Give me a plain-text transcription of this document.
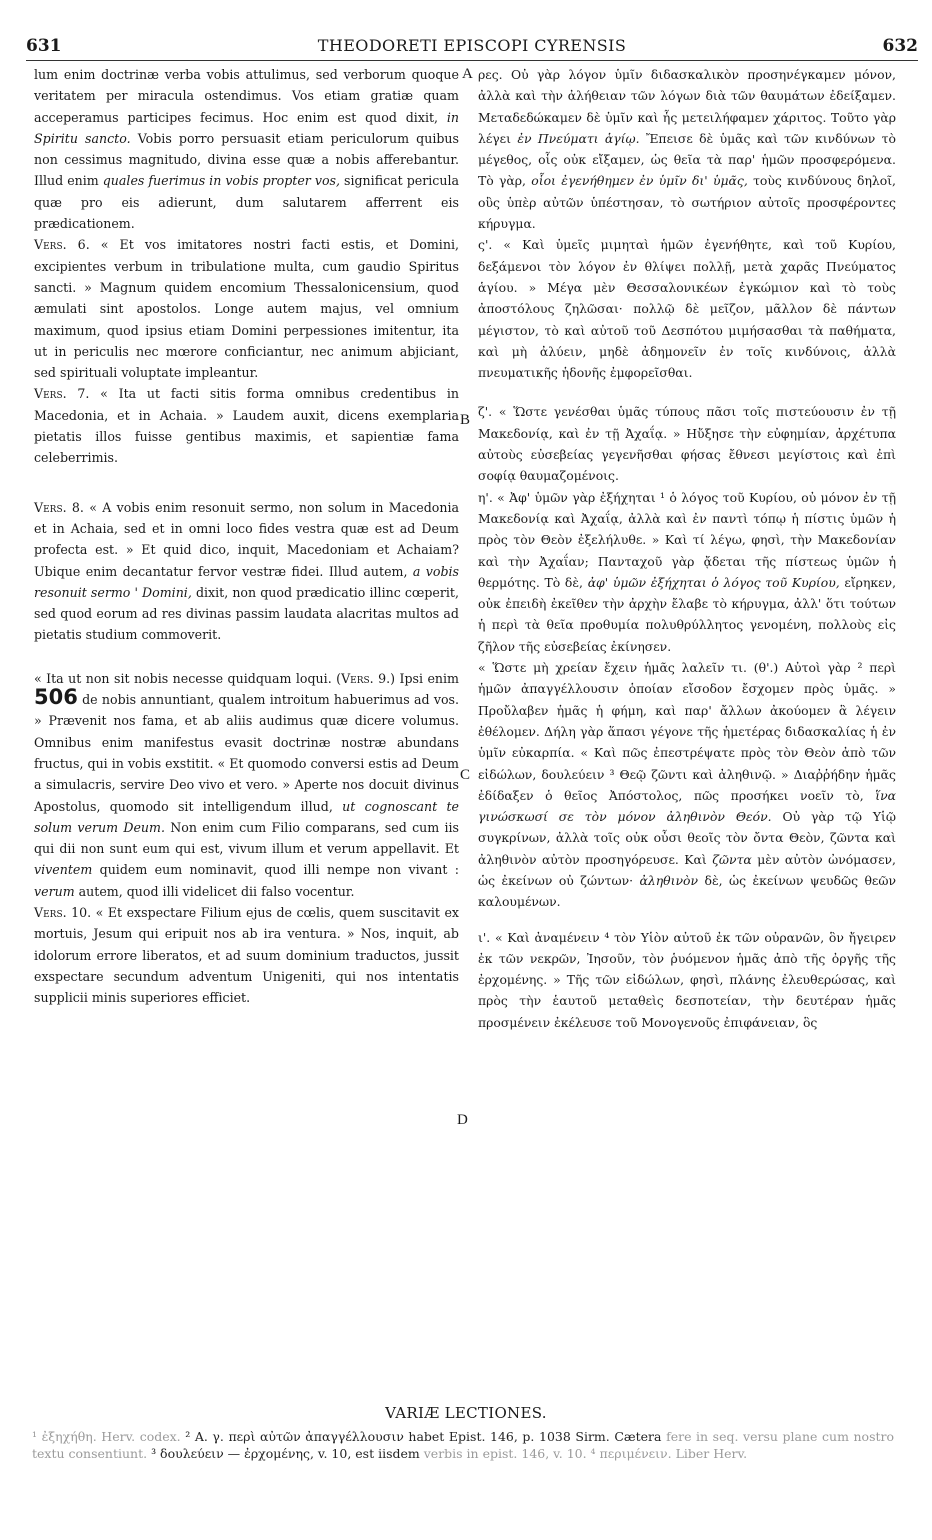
631	THEODORETI EPISCOPI CYRENSIS	632
A
B
C
D

lum enim doctrinæ verba vobis attulimus, sed verborum quoque veritatem per miracula ostendimus. Vos etiam gratiæ quam acceperamus participes fecimus. Hoc enim est quod dixit, in Spiritu sancto. Vobis porro persuasit etiam periculorum quibus non cessimus magnitudo, divina esse quæ a nobis afferebantur. Illud enim quales fuerimus in vobis propter vos, significat pericula quæ pro eis adierunt, dum salutarem afferrent eis prædicationem.

Vers. 6. « Et vos imitatores nostri facti estis, et Domini, excipientes verbum in tribulatione multa, cum gaudio Spiritus sancti. » Magnum quidem encomium Thessalonicensium, quod æmulati sint apostolos. Longe autem majus, vel omnium maximum, quod ipsius etiam Domini perpessiones imitentur, ita ut in periculis nec mœrore conficiantur, nec animum abjiciant, sed spirituali voluptate impleantur.

Vers. 7. « Ita ut facti sitis forma omnibus credentibus in Macedonia, et in Achaia. » Laudem auxit, dicens exemplaria pietatis illos fuisse gentibus maximis, et sapientiæ fama celeberrimis.

Vers. 8. « A vobis enim resonuit sermo, non solum in Macedonia et in Achaia, sed et in omni loco fides vestra quæ est ad Deum profecta est. » Et quid dico, inquit, Macedoniam et Achaiam? Ubique enim decantatur fervor vestræ fidei. Illud autem, a vobis resonuit sermo ' Domini, dixit, non quod prædicatio illinc cœperit, sed quod eorum ad res divinas passim laudata alacritas multos ad pietatis studium commoverit.

« Ita ut non sit nobis necesse quidquam loqui. (Vers. 9.) Ipsi enim 506 de nobis annuntiant, qualem introitum habuerimus ad vos. » Prævenit nos fama, et ab aliis audimus quæ dicere volumus. Omnibus enim manifestus evasit doctrinæ nostræ abundans fructus, qui in vobis exstitit. « Et quomodo conversi estis ad Deum a simulacris, servire Deo vivo et vero. » Aperte nos docuit divinus Apostolus, quomodo sit intelligendum illud, ut cognoscant te solum verum Deum. Non enim cum Filio comparans, sed cum iis qui dii non sunt eum qui est, vivum illum et verum appellavit. Et viventem quidem eum nominavit, quod illi nempe non vivant : verum autem, quod illi videlicet dii falso vocentur.

Vers. 10. « Et exspectare Filium ejus de cœlis, quem suscitavit ex mortuis, Jesum qui eripuit nos ab ira ventura. » Nos, inquit, ab idolorum errore liberatos, et ad suum dominium traductos, jussit exspectare secundum adventum Unigeniti, qui nos intentatis supplicii minis superiores efficiet.

ρες. Οὐ γὰρ λόγον ὑμῖν διδασκαλικὸν προσηνέγκαμεν μόνον, ἀλλὰ καὶ τὴν ἀλήθειαν τῶν λόγων διὰ τῶν θαυμάτων ἐδείξαμεν. Μεταδεδώκαμεν δὲ ὑμῖν καὶ ἧς μετειλήφαμεν χάριτος. Τοῦτο γὰρ λέγει ἐν Πνεύματι ἁγίῳ. Ἔπεισε δὲ ὑμᾶς καὶ τῶν κινδύνων τὸ μέγεθος, οἷς οὐκ εἴξαμεν, ὡς θεῖα τὰ παρ' ἡμῶν προσφερόμενα. Τὸ γὰρ, οἷοι ἐγενήθημεν ἐν ὑμῖν δι' ὑμᾶς, τοὺς κινδύνους δηλοῖ, οὓς ὑπὲρ αὐτῶν ὑπέστησαν, τὸ σωτήριον αὐτοῖς προσφέροντες κήρυγμα.

ς'. « Καὶ ὑμεῖς μιμηταὶ ἡμῶν ἐγενήθητε, καὶ τοῦ Κυρίου, δεξάμενοι τὸν λόγον ἐν θλίψει πολλῇ, μετὰ χαρᾶς Πνεύματος ἁγίου. » Μέγα μὲν Θεσσαλονικέων ἐγκώμιον καὶ τὸ τοὺς ἀποστόλους ζηλῶσαι· πολλῷ δὲ μεῖζον, μᾶλλον δὲ πάντων μέγιστον, τὸ καὶ αὐτοῦ τοῦ Δεσπότου μιμήσασθαι τὰ παθήματα, καὶ μὴ ἀλύειν, μηδὲ ἀδημονεῖν ἐν τοῖς κινδύνοις, ἀλλὰ πνευματικῆς ἡδονῆς ἐμφορεῖσθαι.

ζ'. « Ὥστε γενέσθαι ὑμᾶς τύπους πᾶσι τοῖς πιστεύουσιν ἐν τῇ Μακεδονίᾳ, καὶ ἐν τῇ Ἀχαΐᾳ. » Ηὔξησε τὴν εὐφημίαν, ἀρχέτυπα αὐτοὺς εὐσεβείας γεγενῆσθαι φήσας ἔθνεσι μεγίστοις καὶ ἐπὶ σοφίᾳ θαυμαζομένοις.

η'. « Ἀφ' ὑμῶν γὰρ ἐξήχηται ¹ ὁ λόγος τοῦ Κυρίου, οὐ μόνον ἐν τῇ Μακεδονίᾳ καὶ Ἀχαΐᾳ, ἀλλὰ καὶ ἐν παντὶ τόπῳ ἡ πίστις ὑμῶν ἡ πρὸς τὸν Θεὸν ἐξελήλυθε. » Καὶ τί λέγω, φησὶ, τὴν Μακεδονίαν καὶ τὴν Ἀχαΐαν; Πανταχοῦ γὰρ ᾄδεται τῆς πίστεως ὑμῶν ἡ θερμότης. Τὸ δὲ, ἀφ' ὑμῶν ἐξήχηται ὁ λόγος τοῦ Κυρίου, εἴρηκεν, οὐκ ἐπειδὴ ἐκεῖθεν τὴν ἀρχὴν ἔλαβε τὸ κήρυγμα, ἀλλ' ὅτι τούτων ἡ περὶ τὰ θεῖα προθυμία πολυθρύλλητος γενομένη, πολλοὺς εἰς ζῆλον τῆς εὐσεβείας ἐκίνησεν.

« Ὥστε μὴ χρείαν ἔχειν ἡμᾶς λαλεῖν τι. (θ'.) Αὐτοὶ γὰρ ² περὶ ἡμῶν ἀπαγγέλλουσιν ὁποίαν εἴσοδον ἔσχομεν πρὸς ὑμᾶς. » Προὔλαβεν ἡμᾶς ἡ φήμη, καὶ παρ' ἄλλων ἀκούομεν ἃ λέγειν ἐθέλομεν. Δήλη γὰρ ἅπασι γέγονε τῆς ἡμετέρας διδασκαλίας ἡ ἐν ὑμῖν εὐκαρπία. « Καὶ πῶς ἐπεστρέψατε πρὸς τὸν Θεὸν ἀπὸ τῶν εἰδώλων, δουλεύειν ³ Θεῷ ζῶντι καὶ ἀληθινῷ. » Διαῤῥήδην ἡμᾶς ἐδίδαξεν ὁ θεῖος Ἀπόστολος, πῶς προσήκει νοεῖν τὸ, ἵνα γινώσκωσί σε τὸν μόνον ἀληθινὸν Θεόν. Οὐ γὰρ τῷ Υἱῷ συγκρίνων, ἀλλὰ τοῖς οὐκ οὖσι θεοῖς τὸν ὄντα Θεὸν, ζῶντα καὶ ἀληθινὸν αὐτὸν προσηγόρευσε. Καὶ ζῶντα μὲν αὐτὸν ὠνόμασεν, ὡς ἐκείνων οὐ ζώντων· ἀληθινὸν δὲ, ὡς ἐκείνων ψευδῶς θεῶν καλουμένων.

ι'. « Καὶ ἀναμένειν ⁴ τὸν Υἱὸν αὐτοῦ ἐκ τῶν οὐρανῶν, ὃν ἤγειρεν ἐκ τῶν νεκρῶν, Ἰησοῦν, τὸν ῥυόμενον ἡμᾶς ἀπὸ τῆς ὀργῆς τῆς ἐρχομένης. » Τῆς τῶν εἰδώλων, φησὶ, πλάνης ἐλευθερώσας, καὶ πρὸς τὴν ἑαυτοῦ μεταθεὶς δεσποτείαν, τὴν δευτέραν ἡμᾶς προσμένειν ἐκέλευσε τοῦ Μονογενοῦς ἐπιφάνειαν, ὃς

VARIÆ LECTIONES.
¹ ἐξηχήθη. Herv. codex. ² Α. γ. περὶ αὐτῶν ἀπαγγέλλουσιν habet Epist. 146, p. 1038 Sirm. Cætera fere in seq. versu plane cum nostro textu consentiunt. ³ δουλεύειν — ἐρχομένης, v. 10, est iisdem verbis in epist. 146, v. 10. ⁴ περιμένειν. Liber Herv.
